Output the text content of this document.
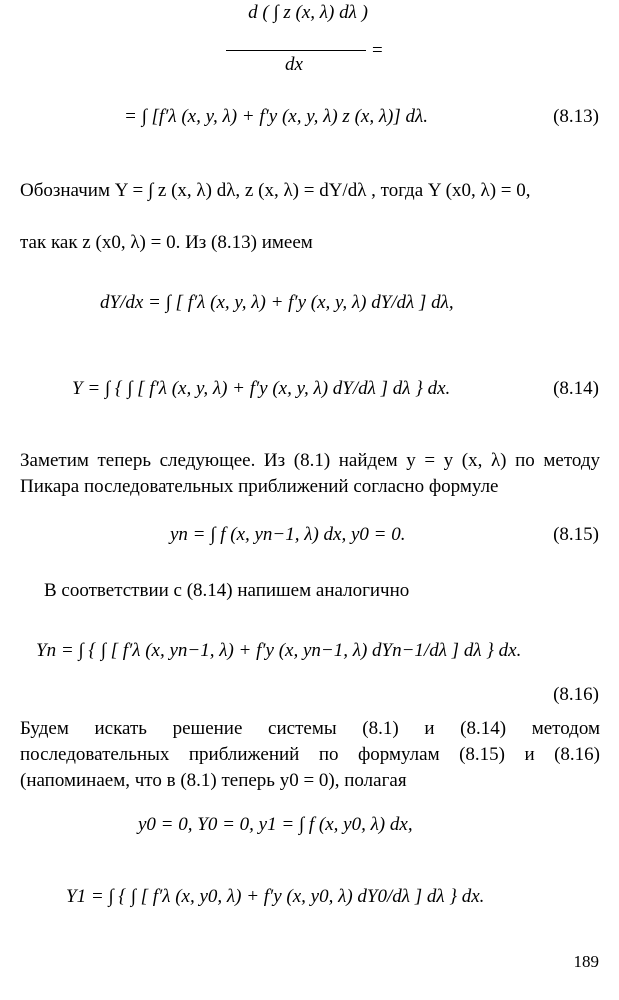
d ( ∫ z (x, λ) dλ )
dx
=
= ∫ [f′λ (x, y, λ) + f′y (x, y, λ) z (x, λ)] dλ.	(8.13)
Обозначим Y = ∫ z (x, λ) dλ, z (x, λ) = dY/dλ , тогда Y (x0, λ) = 0,
так как z (x0, λ) = 0. Из (8.13) имеем
dY/dx = ∫ [ f′λ (x, y, λ) + f′y (x, y, λ) dY/dλ ] dλ,
Y = ∫ { ∫ [ f′λ (x, y, λ) + f′y (x, y, λ) dY/dλ ] dλ } dx.	(8.14)
Заметим теперь следующее. Из (8.1) найдем y = y (x, λ) по методу Пикара последовательных приближений согласно формуле
yn = ∫ f (x, yn−1, λ) dx, y0 = 0.	(8.15)
В соответствии с (8.14) напишем аналогично
Yn = ∫ { ∫ [ f′λ (x, yn−1, λ) + f′y (x, yn−1, λ) dYn−1/dλ ] dλ } dx.
(8.16)
Будем искать решение системы (8.1) и (8.14) методом последовательных приближений по формулам (8.15) и (8.16) (напоминаем, что в (8.1) теперь y0 = 0), полагая
y0 = 0, Y0 = 0, y1 = ∫ f (x, y0, λ) dx,
Y1 = ∫ { ∫ [ f′λ (x, y0, λ) + f′y (x, y0, λ) dY0/dλ ] dλ } dx.
189
